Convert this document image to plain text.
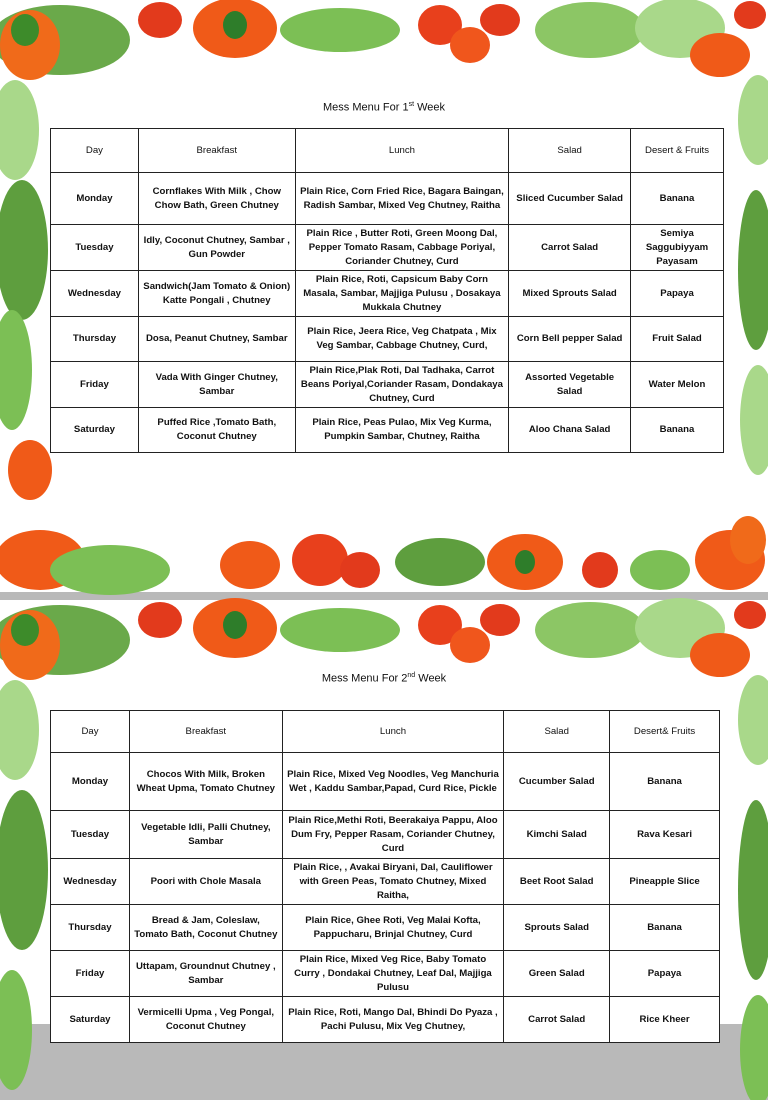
Mess Menu For 1st Week
Day	Breakfast	Lunch	Salad	Desert & Fruits
Monday	Cornflakes With Milk , Chow Chow Bath, Green Chutney	Plain Rice, Corn Fried Rice, Bagara Baingan, Radish Sambar, Mixed Veg Chutney, Raitha	Sliced Cucumber Salad	Banana
Tuesday	Idly, Coconut Chutney, Sambar , Gun Powder	Plain Rice , Butter Roti, Green Moong Dal, Pepper Tomato Rasam, Cabbage Poriyal, Coriander Chutney, Curd	Carrot Salad	Semiya Saggubiyyam Payasam
Wednesday	Sandwich(Jam Tomato & Onion) Katte Pongali , Chutney	Plain Rice, Roti, Capsicum Baby Corn Masala, Sambar, Majjiga Pulusu , Dosakaya Mukkala Chutney	Mixed Sprouts Salad	Papaya
Thursday	Dosa, Peanut Chutney, Sambar	Plain Rice, Jeera Rice, Veg Chatpata , Mix Veg Sambar, Cabbage Chutney, Curd,	Corn Bell pepper Salad	Fruit Salad
Friday	Vada With Ginger Chutney, Sambar	Plain Rice,Plak Roti, Dal Tadhaka, Carrot Beans Poriyal,Coriander Rasam, Dondakaya Chutney, Curd	Assorted Vegetable Salad	Water Melon
Saturday	Puffed Rice ,Tomato Bath, Coconut Chutney	Plain Rice, Peas Pulao, Mix Veg Kurma, Pumpkin Sambar, Chutney, Raitha	Aloo Chana Salad	Banana
Mess Menu For 2nd Week
Day	Breakfast	Lunch	Salad	Desert& Fruits
Monday	Chocos With Milk, Broken Wheat Upma, Tomato Chutney	Plain Rice, Mixed Veg Noodles, Veg Manchuria Wet , Kaddu Sambar,Papad, Curd Rice, Pickle	Cucumber Salad	Banana
Tuesday	Vegetable Idli, Palli Chutney, Sambar	Plain Rice,Methi Roti, Beerakaiya Pappu, Aloo Dum Fry, Pepper Rasam, Coriander Chutney, Curd	Kimchi Salad	Rava Kesari
Wednesday	Poori with Chole Masala	Plain Rice, , Avakai Biryani, Dal, Cauliflower with Green Peas, Tomato Chutney, Mixed Raitha,	Beet Root Salad	Pineapple Slice
Thursday	Bread & Jam, Coleslaw, Tomato Bath, Coconut Chutney	Plain Rice, Ghee Roti, Veg Malai Kofta, Pappucharu, Brinjal Chutney, Curd	Sprouts Salad	Banana
Friday	Uttapam, Groundnut Chutney , Sambar	Plain Rice, Mixed Veg Rice, Baby Tomato Curry , Dondakai Chutney, Leaf Dal, Majjiga Pulusu	Green Salad	Papaya
Saturday	Vermicelli Upma , Veg Pongal, Coconut Chutney	Plain Rice, Roti, Mango Dal, Bhindi Do Pyaza , Pachi Pulusu, Mix Veg Chutney,	Carrot Salad	Rice Kheer
